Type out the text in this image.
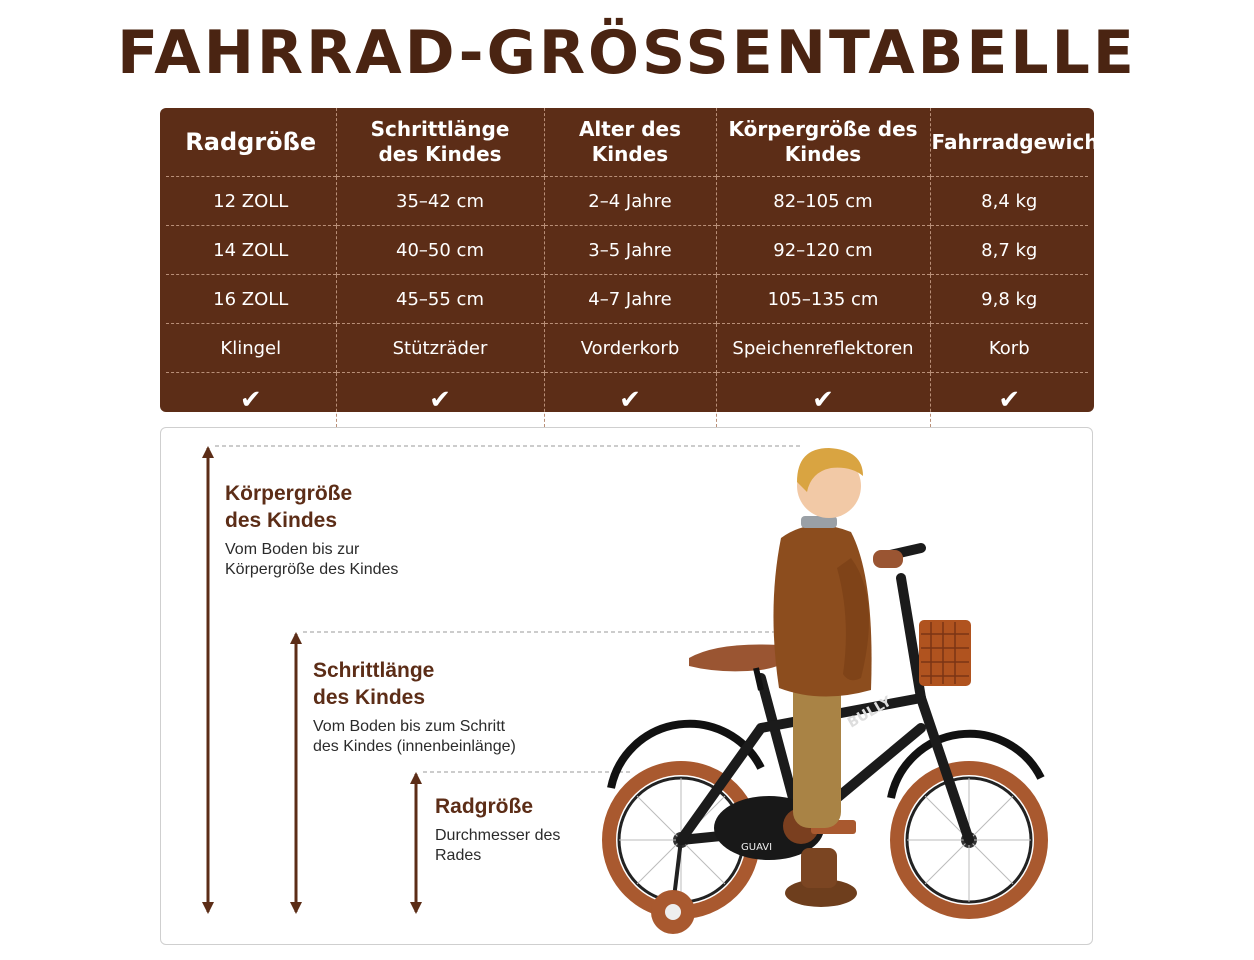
FAHRRAD-GRÖSSENTABELLE
Radgröße	Schrittlänge des Kindes	Alter des Kindes	Körpergröße des Kindes	Fahrradgewicht
12 ZOLL	35–42 cm	2–4 Jahre	82–105 cm	8,4 kg
14 ZOLL	40–50 cm	3–5 Jahre	92–120 cm	8,7 kg
16 ZOLL	45–55 cm	4–7 Jahre	105–135 cm	9,8 kg
Klingel	Stützräder	Vorderkorb	Speichenreflektoren	Korb
✔	✔	✔	✔	✔
Körpergröße
des Kindes
Vom Boden bis zur
Körpergröße des Kindes
Schrittlänge
des Kindes
Vom Boden bis zum Schritt
des Kindes (innenbeinlänge)
Radgröße
Durchmesser des
Rades
BULLY
GUAVI
